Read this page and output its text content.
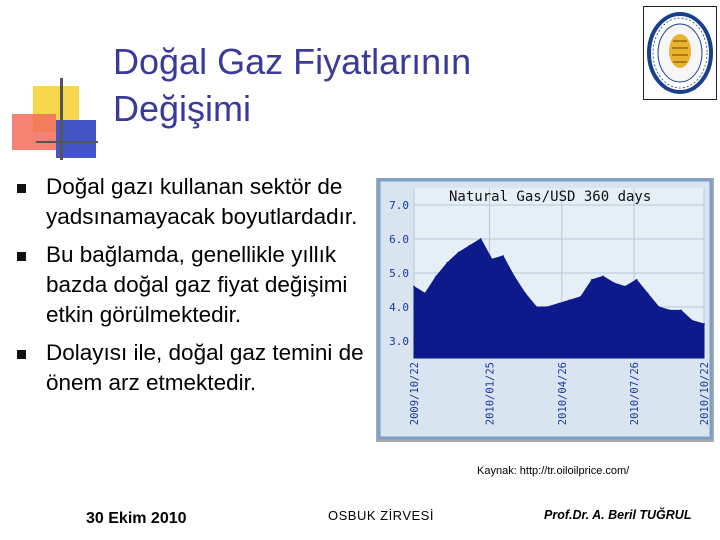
Doğal Gaz Fiyatlarının
Değişimi
Doğal gazı kullanan sektör de yadsınamayacak boyutlardadır.
Bu bağlamda, genellikle yıllık bazda doğal gaz fiyat değişimi etkin görülmektedir.
Dolayısı ile, doğal gaz temini de önem arz etmektedir.
Natural Gas/USD 360 days
7.0
6.0
5.0
4.0
3.0
2009/10/22	2010/01/25	2010/04/26	2010/07/26	2010/10/22
Kaynak: http://tr.oiloilprice.com/
30 Ekim 2010	OSBUK ZİRVESİ	Prof.Dr. A. Beril TUĞRUL
